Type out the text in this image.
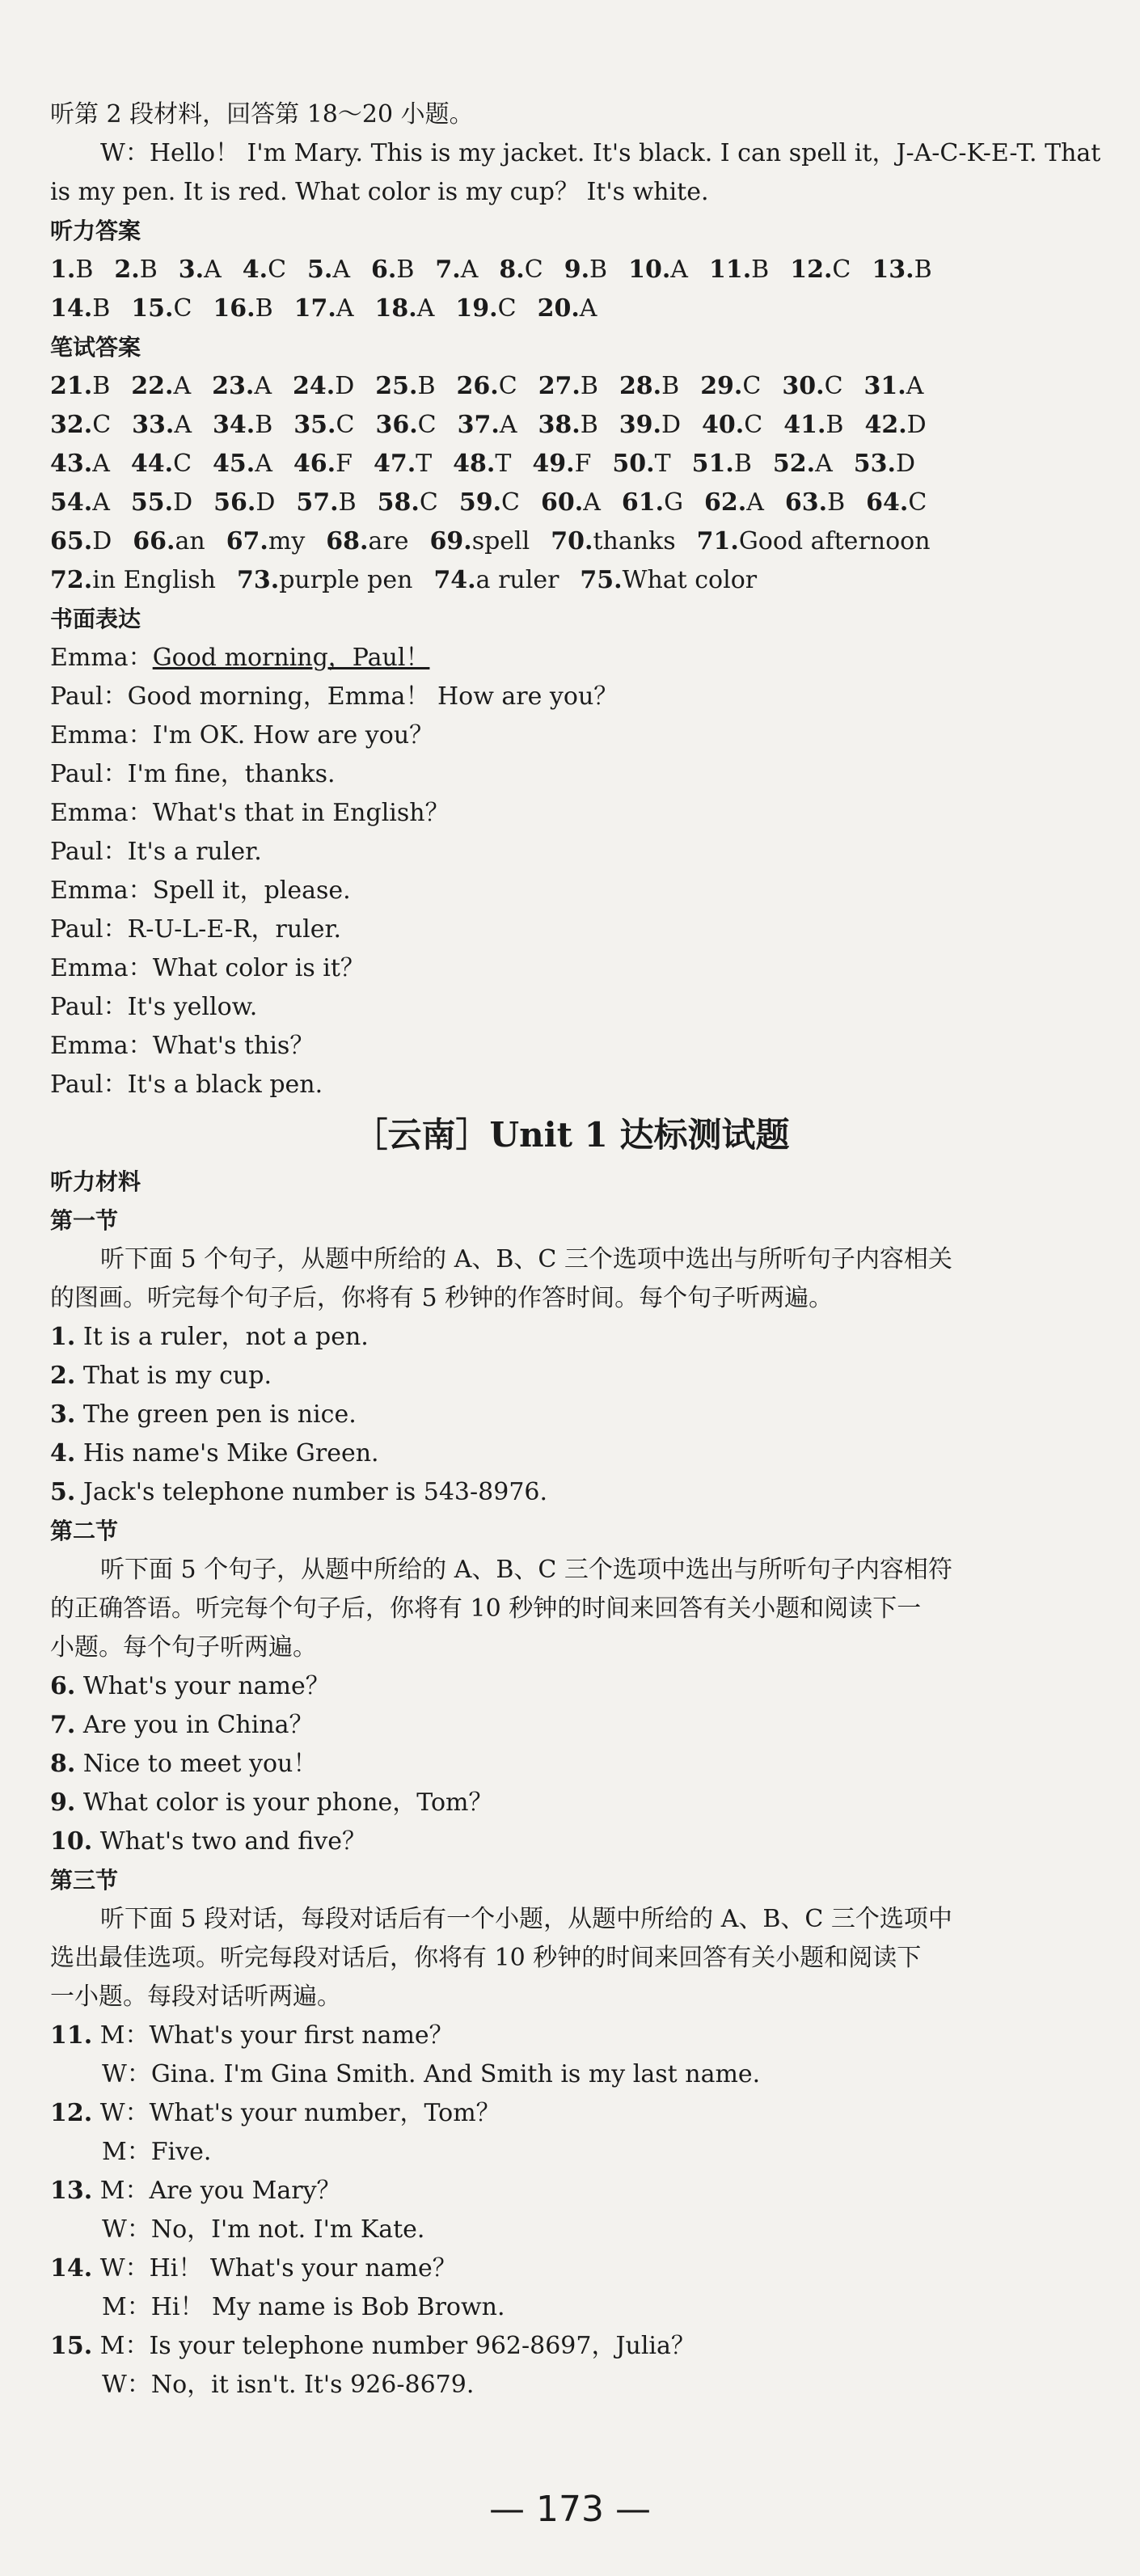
听第 2 段材料，回答第 18～20 小题。
W：Hello！ I'm Mary. This is my jacket. It's black. I can spell it，J-A-C-K-E-T. That
is my pen. It is red. What color is my cup？ It's white.
听力答案
1.B 2.B 3.A 4.C 5.A 6.B 7.A 8.C 9.B 10.A 11.B 12.C 13.B
14.B 15.C 16.B 17.A 18.A 19.C 20.A
笔试答案
21.B 22.A 23.A 24.D 25.B 26.C 27.B 28.B 29.C 30.C 31.A
32.C 33.A 34.B 35.C 36.C 37.A 38.B 39.D 40.C 41.B 42.D
43.A 44.C 45.A 46.F 47.T 48.T 49.F 50.T 51.B 52.A 53.D
54.A 55.D 56.D 57.B 58.C 59.C 60.A 61.G 62.A 63.B 64.C
65.D 66.an 67.my 68.are 69.spell 70.thanks 71.Good afternoon
72.in English 73.purple pen 74.a ruler 75.What color
书面表达
Emma：Good morning，Paul！
Paul：Good morning，Emma！ How are you？
Emma：I'm OK. How are you？
Paul：I'm fine，thanks.
Emma：What's that in English？
Paul：It's a ruler.
Emma：Spell it，please.
Paul：R-U-L-E-R，ruler.
Emma：What color is it？
Paul：It's yellow.
Emma：What's this？
Paul：It's a black pen.
［云南］Unit 1 达标测试题
听力材料
第一节
听下面 5 个句子，从题中所给的 A、B、C 三个选项中选出与所听句子内容相关
的图画。听完每个句子后，你将有 5 秒钟的作答时间。每个句子听两遍。
1. It is a ruler，not a pen.
2. That is my cup.
3. The green pen is nice.
4. His name's Mike Green.
5. Jack's telephone number is 543-8976.
第二节
听下面 5 个句子，从题中所给的 A、B、C 三个选项中选出与所听句子内容相符
的正确答语。听完每个句子后，你将有 10 秒钟的时间来回答有关小题和阅读下一
小题。每个句子听两遍。
6. What's your name？
7. Are you in China？
8. Nice to meet you！
9. What color is your phone，Tom？
10. What's two and five？
第三节
听下面 5 段对话，每段对话后有一个小题，从题中所给的 A、B、C 三个选项中
选出最佳选项。听完每段对话后，你将有 10 秒钟的时间来回答有关小题和阅读下
一小题。每段对话听两遍。
11. M：What's your first name？
W：Gina. I'm Gina Smith. And Smith is my last name.
12. W：What's your number，Tom？
M：Five.
13. M：Are you Mary？
W：No，I'm not. I'm Kate.
14. W：Hi！ What's your name？
M：Hi！ My name is Bob Brown.
15. M：Is your telephone number 962-8697，Julia？
W：No，it isn't. It's 926-8679.
— 173 —
